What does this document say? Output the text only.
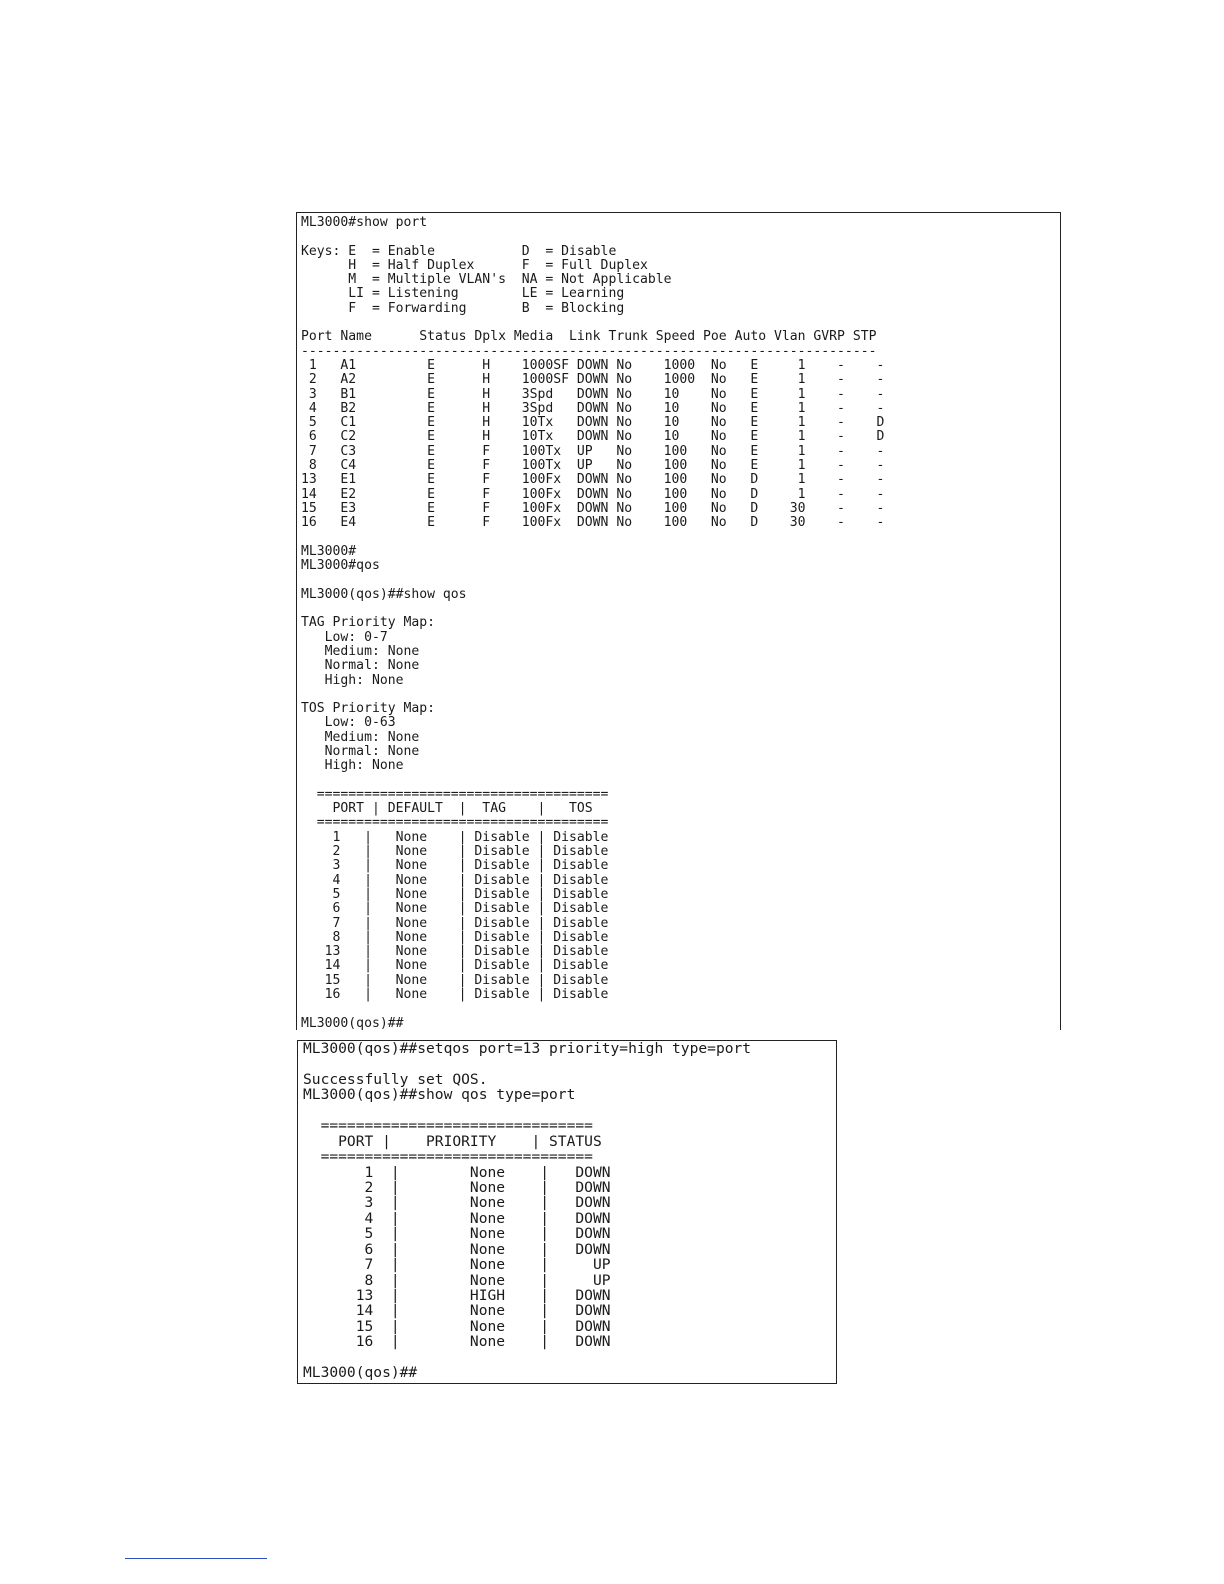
ML3000#show port
Keys: E  = Enable           D  = Disable
H  = Half Duplex      F  = Full Duplex
M  = Multiple VLAN's  NA = Not Applicable
LI = Listening        LE = Learning
F  = Forwarding       B  = Blocking
Port Name      Status Dplx Media  Link Trunk Speed Poe Auto Vlan GVRP STP
-------------------------------------------------------------------------
1   A1         E      H    1000SF DOWN No    1000  No   E     1    -    -
2   A2         E      H    1000SF DOWN No    1000  No   E     1    -    -
3   B1         E      H    3Spd   DOWN No    10    No   E     1    -    -
4   B2         E      H    3Spd   DOWN No    10    No   E     1    -    -
5   C1         E      H    10Tx   DOWN No    10    No   E     1    -    D
6   C2         E      H    10Tx   DOWN No    10    No   E     1    -    D
7   C3         E      F    100Tx  UP   No    100   No   E     1    -    -
8   C4         E      F    100Tx  UP   No    100   No   E     1    -    -
13   E1         E      F    100Fx  DOWN No    100   No   D     1    -    -
14   E2         E      F    100Fx  DOWN No    100   No   D     1    -    -
15   E3         E      F    100Fx  DOWN No    100   No   D    30    -    -
16   E4         E      F    100Fx  DOWN No    100   No   D    30    -    -
ML3000#
ML3000#qos
ML3000(qos)##show qos
TAG Priority Map:
Low: 0-7
Medium: None
Normal: None
High: None
TOS Priority Map:
Low: 0-63
Medium: None
Normal: None
High: None
=====================================
PORT | DEFAULT  |  TAG    |   TOS
=====================================
1   |   None    | Disable | Disable
2   |   None    | Disable | Disable
3   |   None    | Disable | Disable
4   |   None    | Disable | Disable
5   |   None    | Disable | Disable
6   |   None    | Disable | Disable
7   |   None    | Disable | Disable
8   |   None    | Disable | Disable
13   |   None    | Disable | Disable
14   |   None    | Disable | Disable
15   |   None    | Disable | Disable
16   |   None    | Disable | Disable
ML3000(qos)##
ML3000(qos)##setqos port=13 priority=high type=port
Successfully set QOS.
ML3000(qos)##show qos type=port
===============================
PORT |    PRIORITY    | STATUS
===============================
1  |        None    |   DOWN
2  |        None    |   DOWN
3  |        None    |   DOWN
4  |        None    |   DOWN
5  |        None    |   DOWN
6  |        None    |   DOWN
7  |        None    |     UP
8  |        None    |     UP
13  |        HIGH    |   DOWN
14  |        None    |   DOWN
15  |        None    |   DOWN
16  |        None    |   DOWN
ML3000(qos)##
